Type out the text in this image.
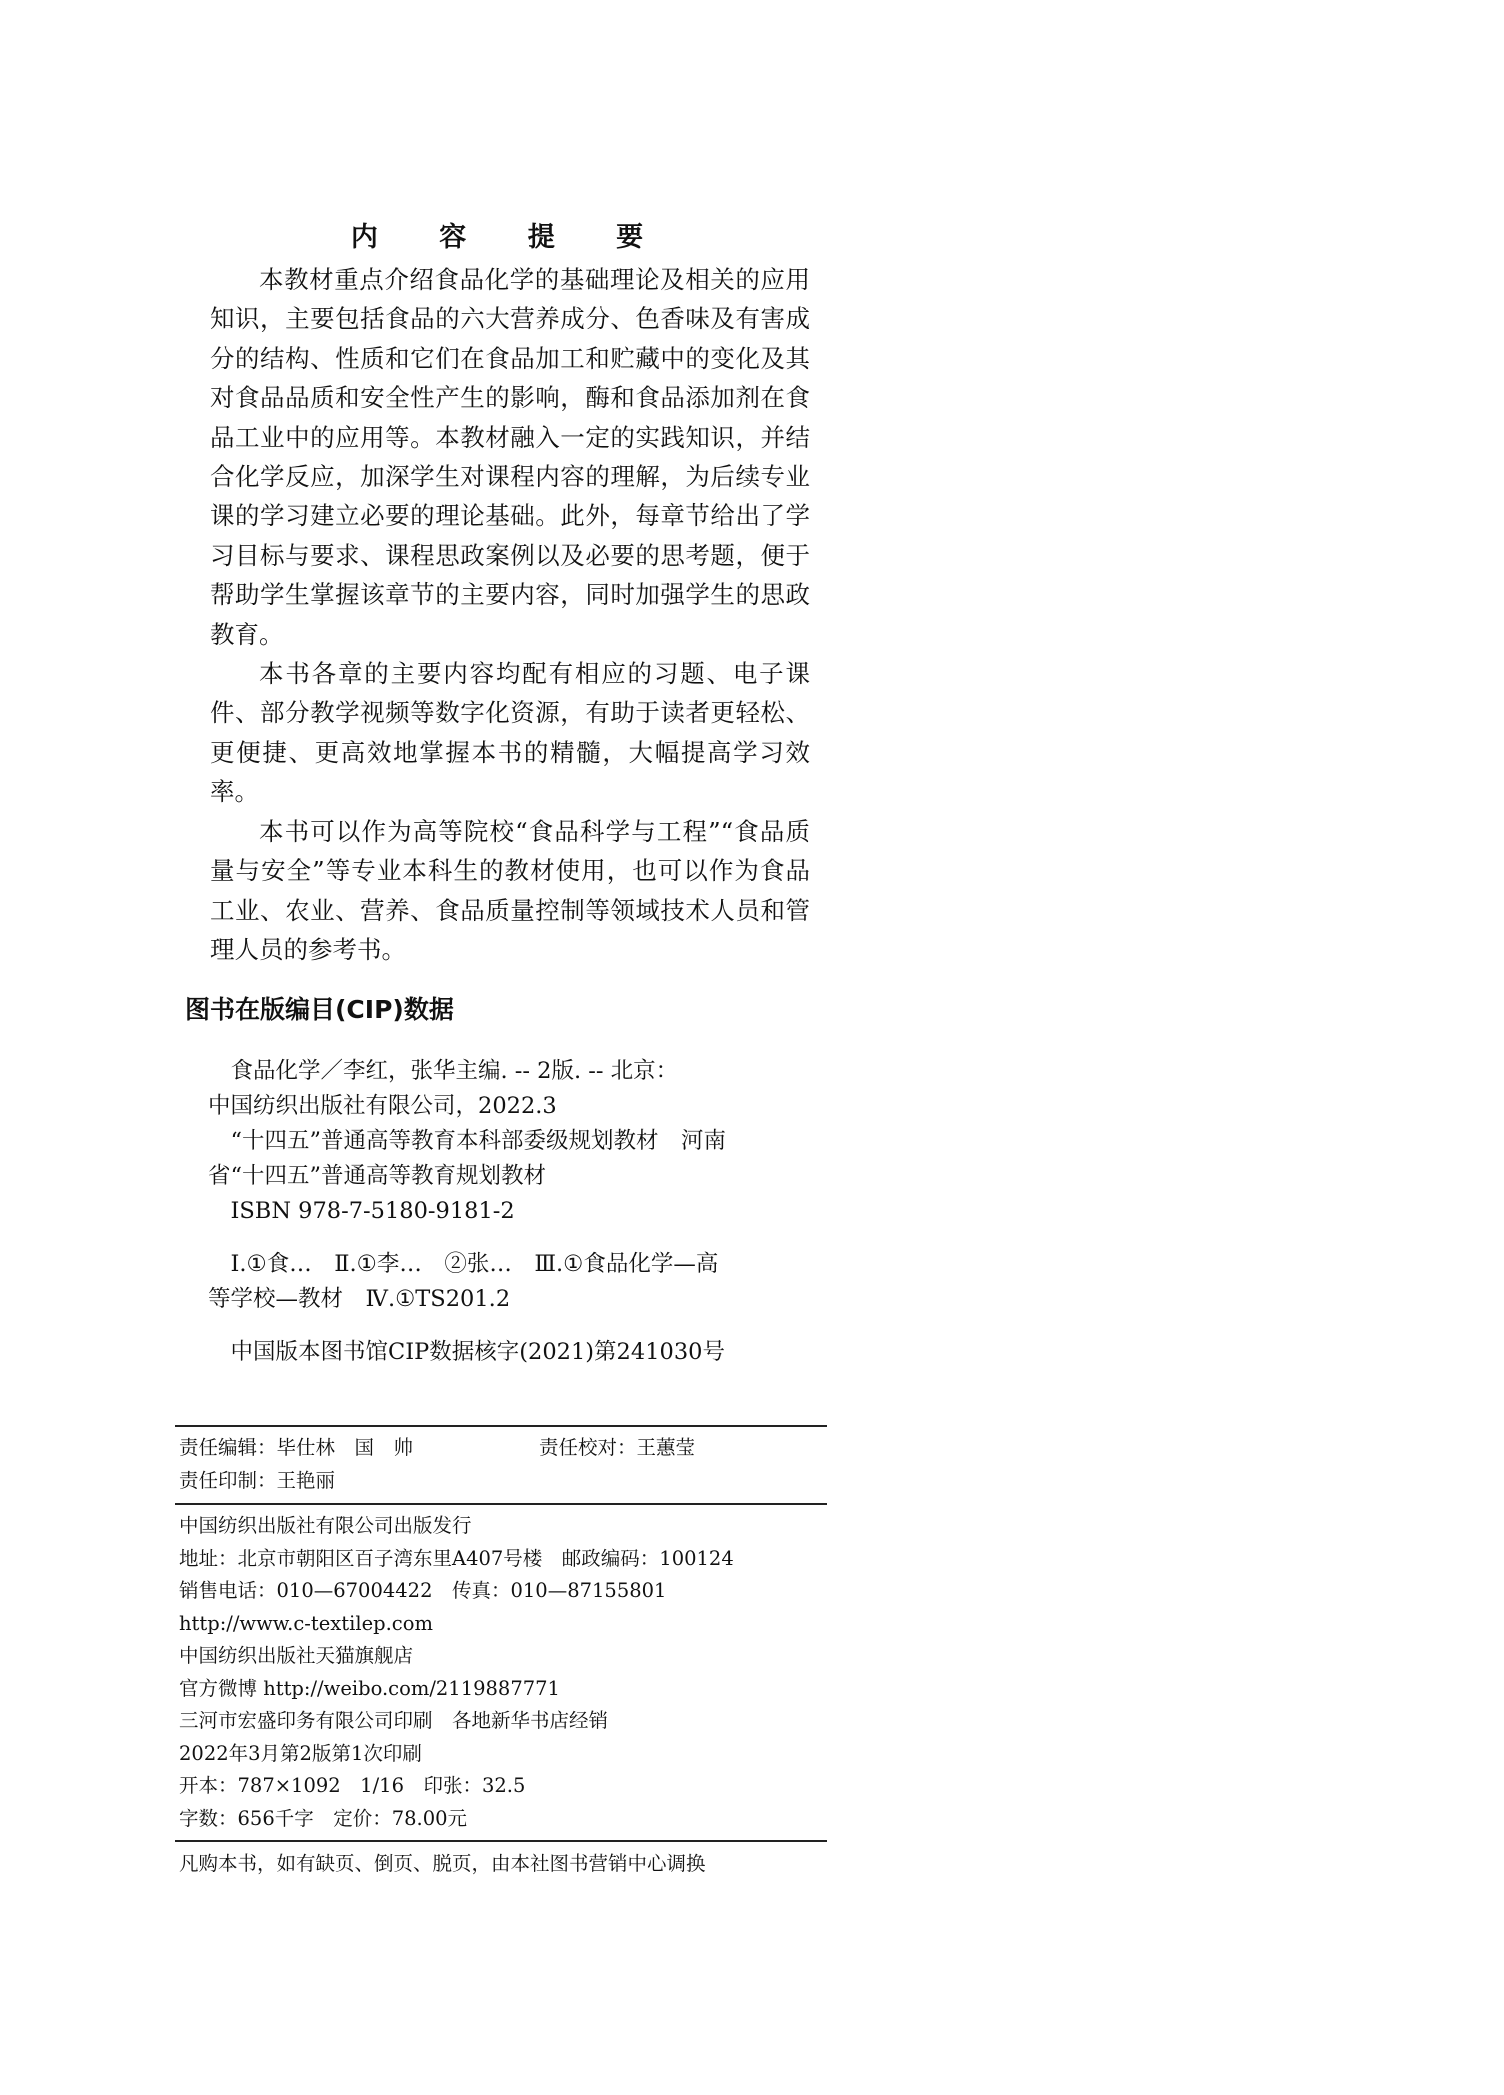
内 容 提 要

本教材重点介绍食品化学的基础理论及相关的应用知识，主要包括食品的六大营养成分、色香味及有害成分的结构、性质和它们在食品加工和贮藏中的变化及其对食品品质和安全性产生的影响，酶和食品添加剂在食品工业中的应用等。本教材融入一定的实践知识，并结合化学反应，加深学生对课程内容的理解，为后续专业课的学习建立必要的理论基础。此外，每章节给出了学习目标与要求、课程思政案例以及必要的思考题，便于帮助学生掌握该章节的主要内容，同时加强学生的思政教育。

本书各章的主要内容均配有相应的习题、电子课件、部分教学视频等数字化资源，有助于读者更轻松、更便捷、更高效地掌握本书的精髓，大幅提高学习效率。

本书可以作为高等院校“食品科学与工程”“食品质量与安全”等专业本科生的教材使用，也可以作为食品工业、农业、营养、食品质量控制等领域技术人员和管理人员的参考书。

图书在版编目(CIP)数据
食品化学／李红，张华主编. -- 2版. -- 北京：
中国纺织出版社有限公司，2022.3
“十四五”普通高等教育本科部委级规划教材　河南
省“十四五”普通高等教育规划教材
ISBN 978-7-5180-9181-2
Ⅰ.①食…　Ⅱ.①李…　②张…　Ⅲ.①食品化学—高
等学校—教材　Ⅳ.①TS201.2
中国版本图书馆CIP数据核字(2021)第241030号
责任编辑：毕仕林　国　帅	责任校对：王蕙莹
责任印制：王艳丽
中国纺织出版社有限公司出版发行
地址：北京市朝阳区百子湾东里A407号楼　邮政编码：100124
销售电话：010—67004422　传真：010—87155801
http://www.c-textilep.com
中国纺织出版社天猫旗舰店
官方微博 http://weibo.com/2119887771
三河市宏盛印务有限公司印刷　各地新华书店经销
2022年3月第2版第1次印刷
开本：787×1092　1/16　印张：32.5
字数：656千字　定价：78.00元
凡购本书，如有缺页、倒页、脱页，由本社图书营销中心调换
